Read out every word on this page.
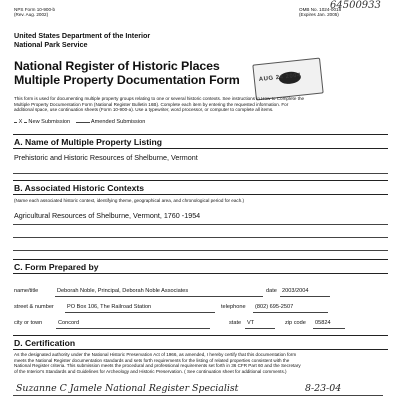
NPS Form 10-900-b
(Rev. Aug. 2002)
OMB No. 1024-0018
(Expires Jan. 2005)
64500933
United States Department of the Interior
National Park Service
National Register of Historic Places
Multiple Property Documentation Form	AUG 24 2004
This form is used for documenting multiple property groups relating to one or several historic contexts. See instructions in How to Complete the
Multiple Property Documentation Form (National Register Bulletin 16B). Complete each item by entering the requested information. For
additional space, use continuation sheets (Form 10-900-a). Use a typewriter, word processor, or computer to complete all items.
X New Submission	Amended Submission
A. Name of Multiple Property Listing
Prehistoric and Historic Resources of Shelburne, Vermont
B. Associated Historic Contexts
(Name each associated historic context, identifying theme, geographical area, and chronological period for each.)
Agricultural Resources of Shelburne, Vermont, 1760 -1954
C. Form Prepared by
name/title	Deborah Noble, Principal, Deborah Noble Associates	date 2003/2004
street & number PO Box 106, The Railroad Station	telephone (802) 695-2507
city or town	Concord	state VT	zip code 05824
D. Certification
As the designated authority under the National Historic Preservation Act of 1966, as amended, I hereby certify that this documentation form
meets the National Register documentation standards and sets forth requirements for the listing of related properties consistent with the
National Register criteria. This submission meets the procedural and professional requirements set forth in 36 CFR Part 60 and the Secretary
of the Interior's Standards and Guidelines for Archeology and Historic Preservation. ( See continuation sheet for additional comments.)
Suzanne C Jamele National Register Specialist	8-23-04
